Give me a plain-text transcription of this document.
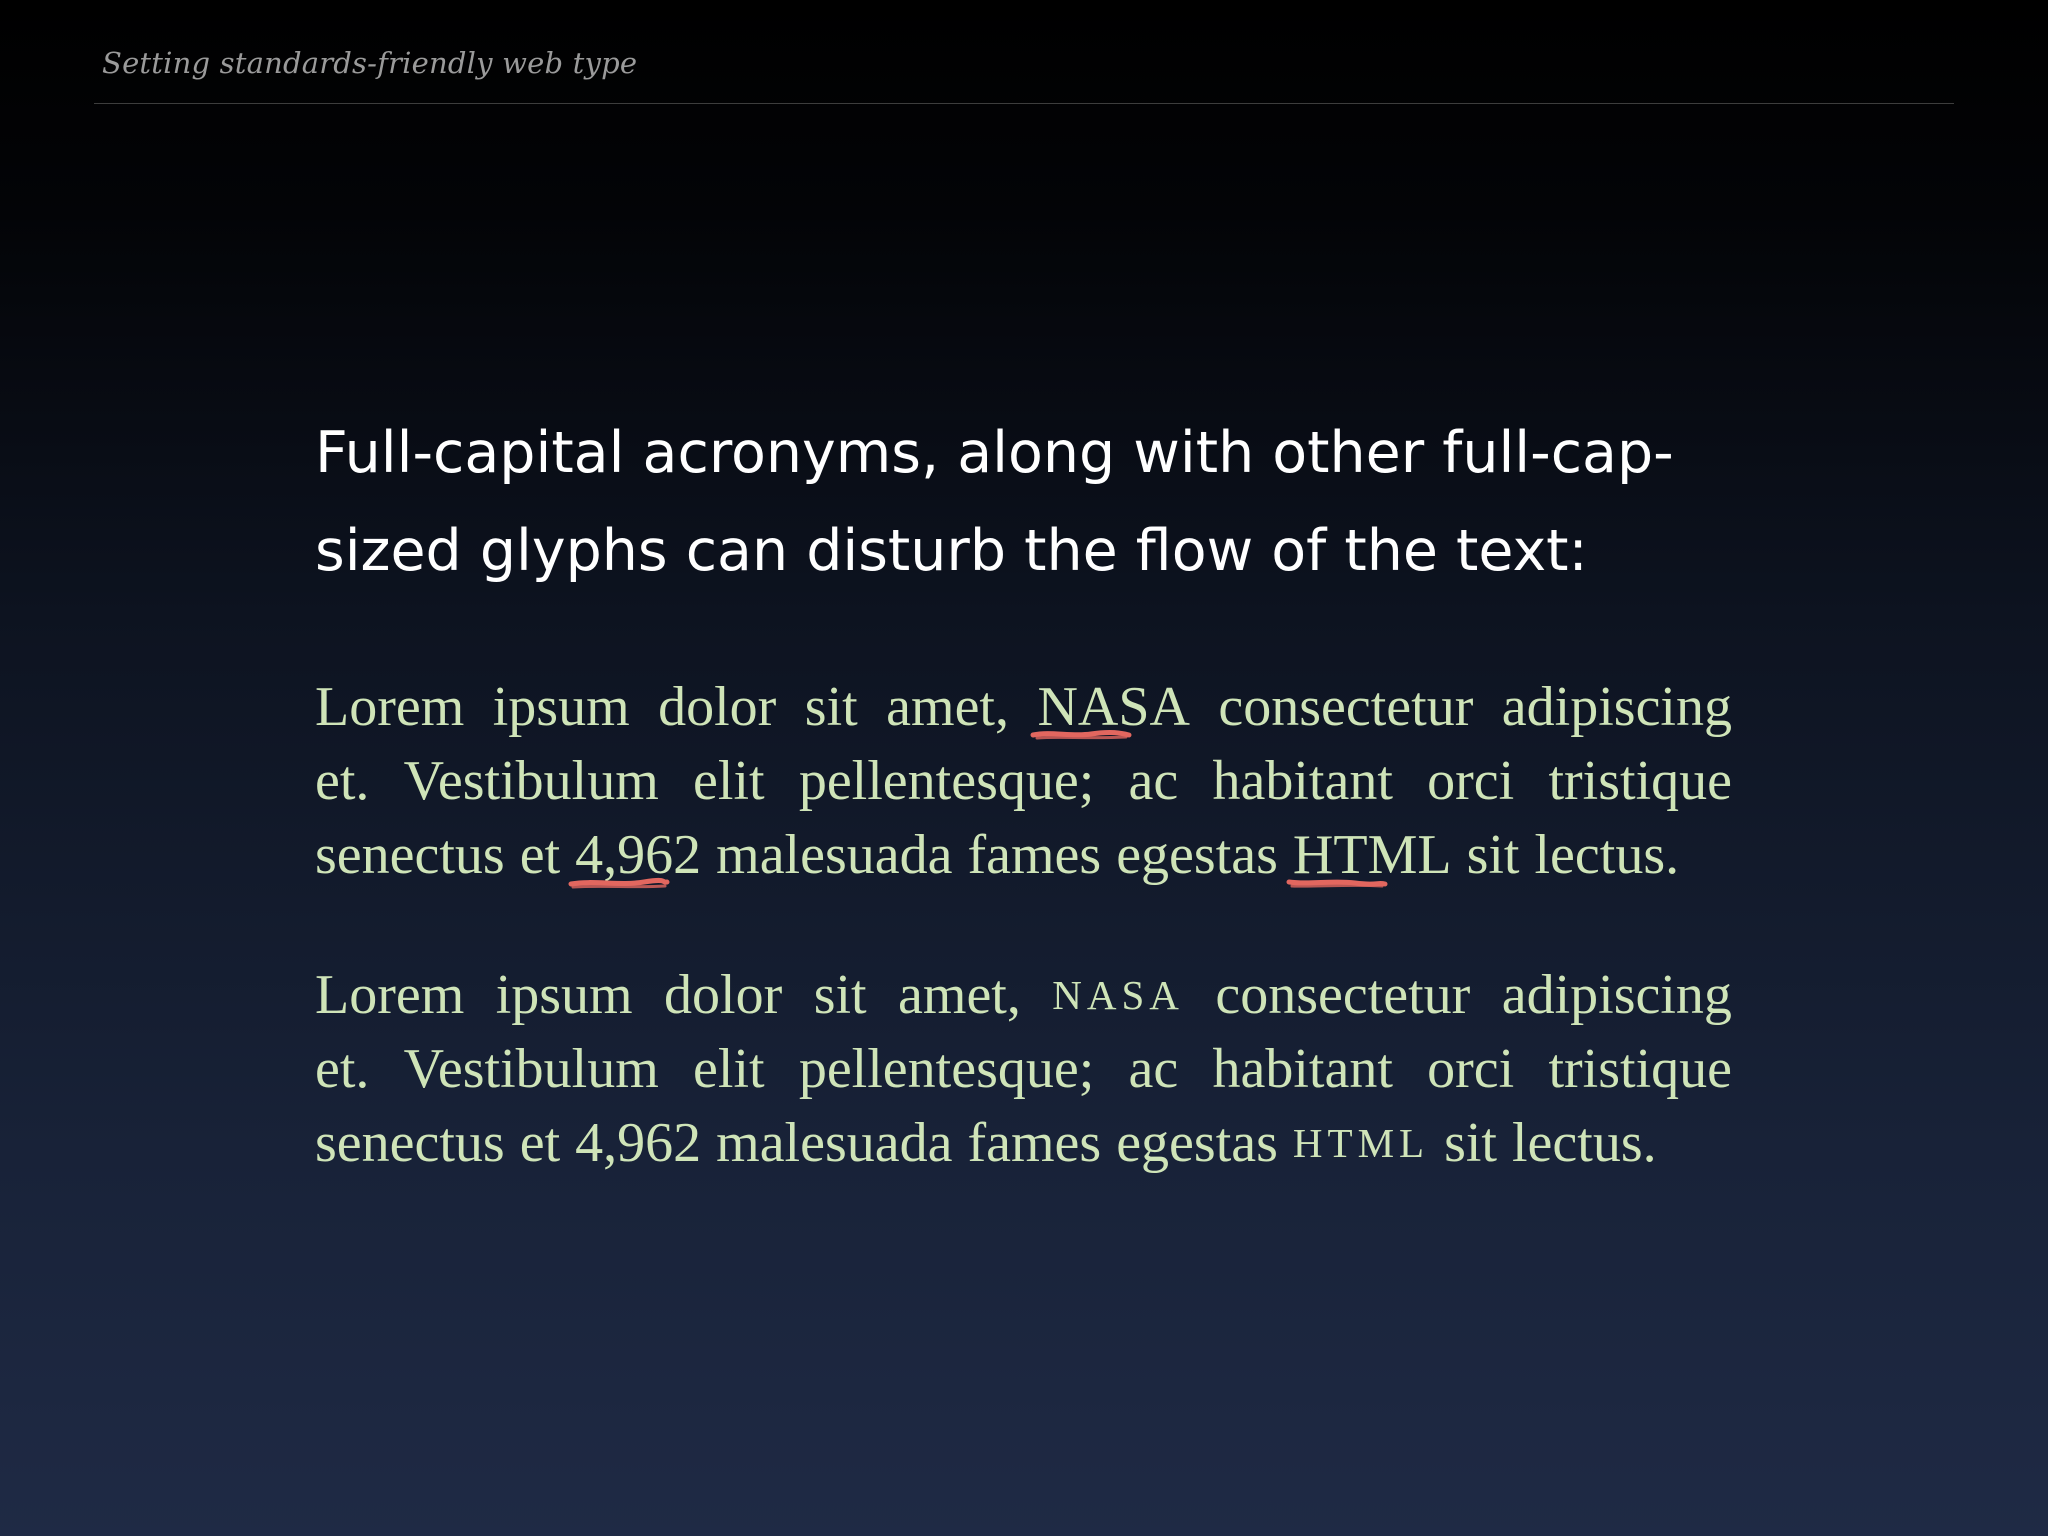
Setting standards-friendly web type
Full-capital acronyms, along with other full-cap-
sized glyphs can disturb the flow of the text:
Lorem ipsum dolor sit amet, NASA consectetur adipiscing
et. Vestibulum elit pellentesque; ac habitant orci tristique
senectus et 4,962 malesuada fames egestas HTML sit lectus.
Lorem ipsum dolor sit amet, NASA consectetur adipiscing
et. Vestibulum elit pellentesque; ac habitant orci tristique
senectus et 4,962 malesuada fames egestas HTML sit lectus.
